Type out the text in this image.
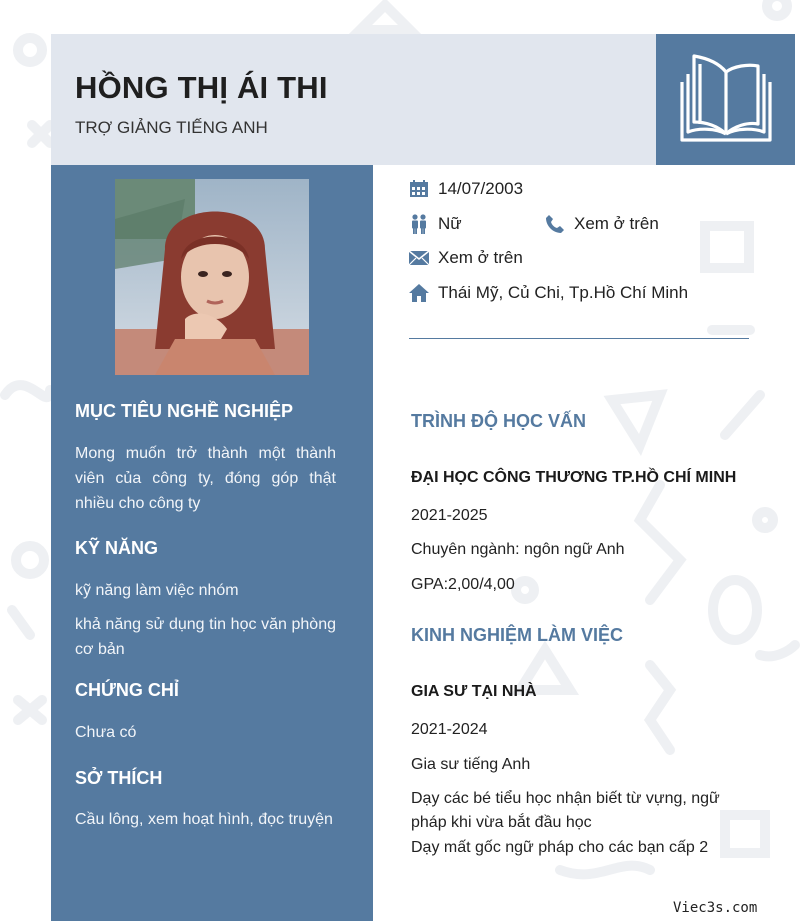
HỒNG THỊ ÁI THI
TRỢ GIẢNG TIẾNG ANH
MỤC TIÊU NGHỀ NGHIỆP
Mong muốn trở thành một thành viên của công ty, đóng góp thật nhiều cho công ty
KỸ NĂNG
kỹ năng làm việc nhóm
khả năng sử dụng tin học văn phòng cơ bản
CHỨNG CHỈ
Chưa có
SỞ THÍCH
Cầu lông, xem hoạt hình, đọc truyện
14/07/2003
Nữ	Xem ở trên
Xem ở trên
Thái Mỹ, Củ Chi, Tp.Hồ Chí Minh
TRÌNH ĐỘ HỌC VẤN
ĐẠI HỌC CÔNG THƯƠNG TP.HỒ CHÍ MINH
2021-2025
Chuyên ngành: ngôn ngữ Anh
GPA:2,00/4,00
KINH NGHIỆM LÀM VIỆC
GIA SƯ TẠI NHÀ
2021-2024
Gia sư tiếng Anh
Dạy các bé tiểu học nhận biết từ vựng, ngữ pháp khi vừa bắt đầu học
Dạy mất gốc ngữ pháp cho các bạn cấp 2
Viec3s.com
